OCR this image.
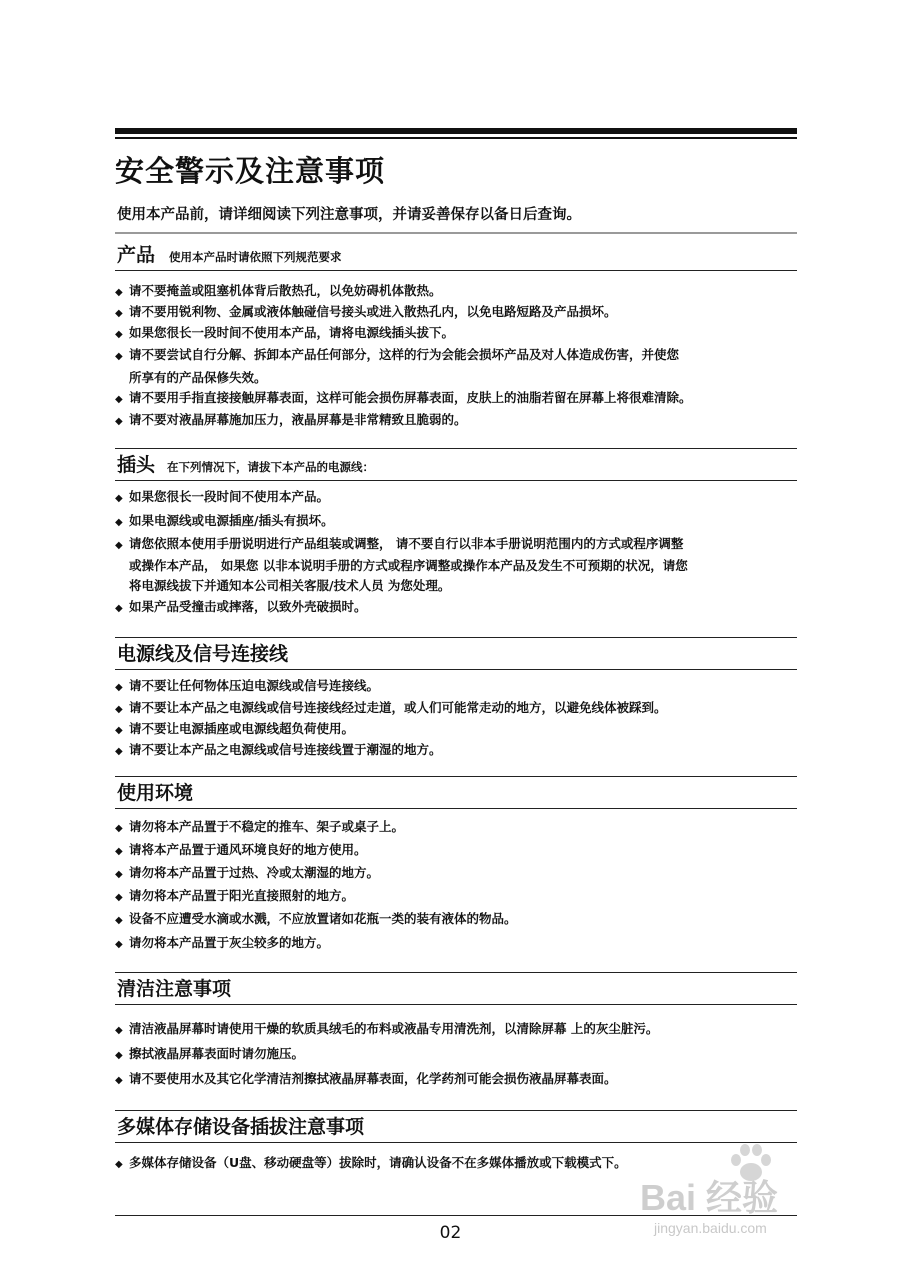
安全警示及注意事项
使用本产品前，请详细阅读下列注意事项，并请妥善保存以备日后查询。
产品 使用本产品时请依照下列规范要求
◆ 请不要掩盖或阻塞机体背后散热孔，以免妨碍机体散热。
◆ 请不要用锐利物、金属或液体触碰信号接头或进入散热孔内，以免电路短路及产品损坏。
◆ 如果您很长一段时间不使用本产品，请将电源线插头拔下。
◆ 请不要尝试自行分解、拆卸本产品任何部分，这样的行为会能会损坏产品及对人体造成伤害，并使您
所享有的产品保修失效。
◆ 请不要用手指直接接触屏幕表面，这样可能会损伤屏幕表面，皮肤上的油脂若留在屏幕上将很难清除。
◆ 请不要对液晶屏幕施加压力，液晶屏幕是非常精致且脆弱的。
插头 在下列情况下，请拔下本产品的电源线：
◆ 如果您很长一段时间不使用本产品。
◆ 如果电源线或电源插座/插头有损坏。
◆ 请您依照本使用手册说明进行产品组装或调整， 请不要自行以非本手册说明范围内的方式或程序调整
或操作本产品， 如果您 以非本说明手册的方式或程序调整或操作本产品及发生不可预期的状况，请您
将电源线拔下并通知本公司相关客服/技术人员 为您处理。
◆ 如果产品受撞击或摔落，以致外壳破损时。
电源线及信号连接线
◆ 请不要让任何物体压迫电源线或信号连接线。
◆ 请不要让本产品之电源线或信号连接线经过走道，或人们可能常走动的地方，以避免线体被踩到。
◆ 请不要让电源插座或电源线超负荷使用。
◆ 请不要让本产品之电源线或信号连接线置于潮湿的地方。
使用环境
◆ 请勿将本产品置于不稳定的推车、架子或桌子上。
◆ 请将本产品置于通风环境良好的地方使用。
◆ 请勿将本产品置于过热、冷或太潮湿的地方。
◆ 请勿将本产品置于阳光直接照射的地方。
◆ 设备不应遭受水滴或水溅，不应放置诸如花瓶一类的装有液体的物品。
◆ 请勿将本产品置于灰尘较多的地方。
清洁注意事项
◆ 清洁液晶屏幕时请使用干燥的软质具绒毛的布料或液晶专用清洗剂，以清除屏幕 上的灰尘脏污。
◆ 擦拭液晶屏幕表面时请勿施压。
◆ 请不要使用水及其它化学清洁剂擦拭液晶屏幕表面，化学药剂可能会损伤液晶屏幕表面。
多媒体存储设备插拔注意事项
◆ 多媒体存储设备（U盘、移动硬盘等）拔除时，请确认设备不在多媒体播放或下载模式下。
02
Bai 经验
jingyan.baidu.com
